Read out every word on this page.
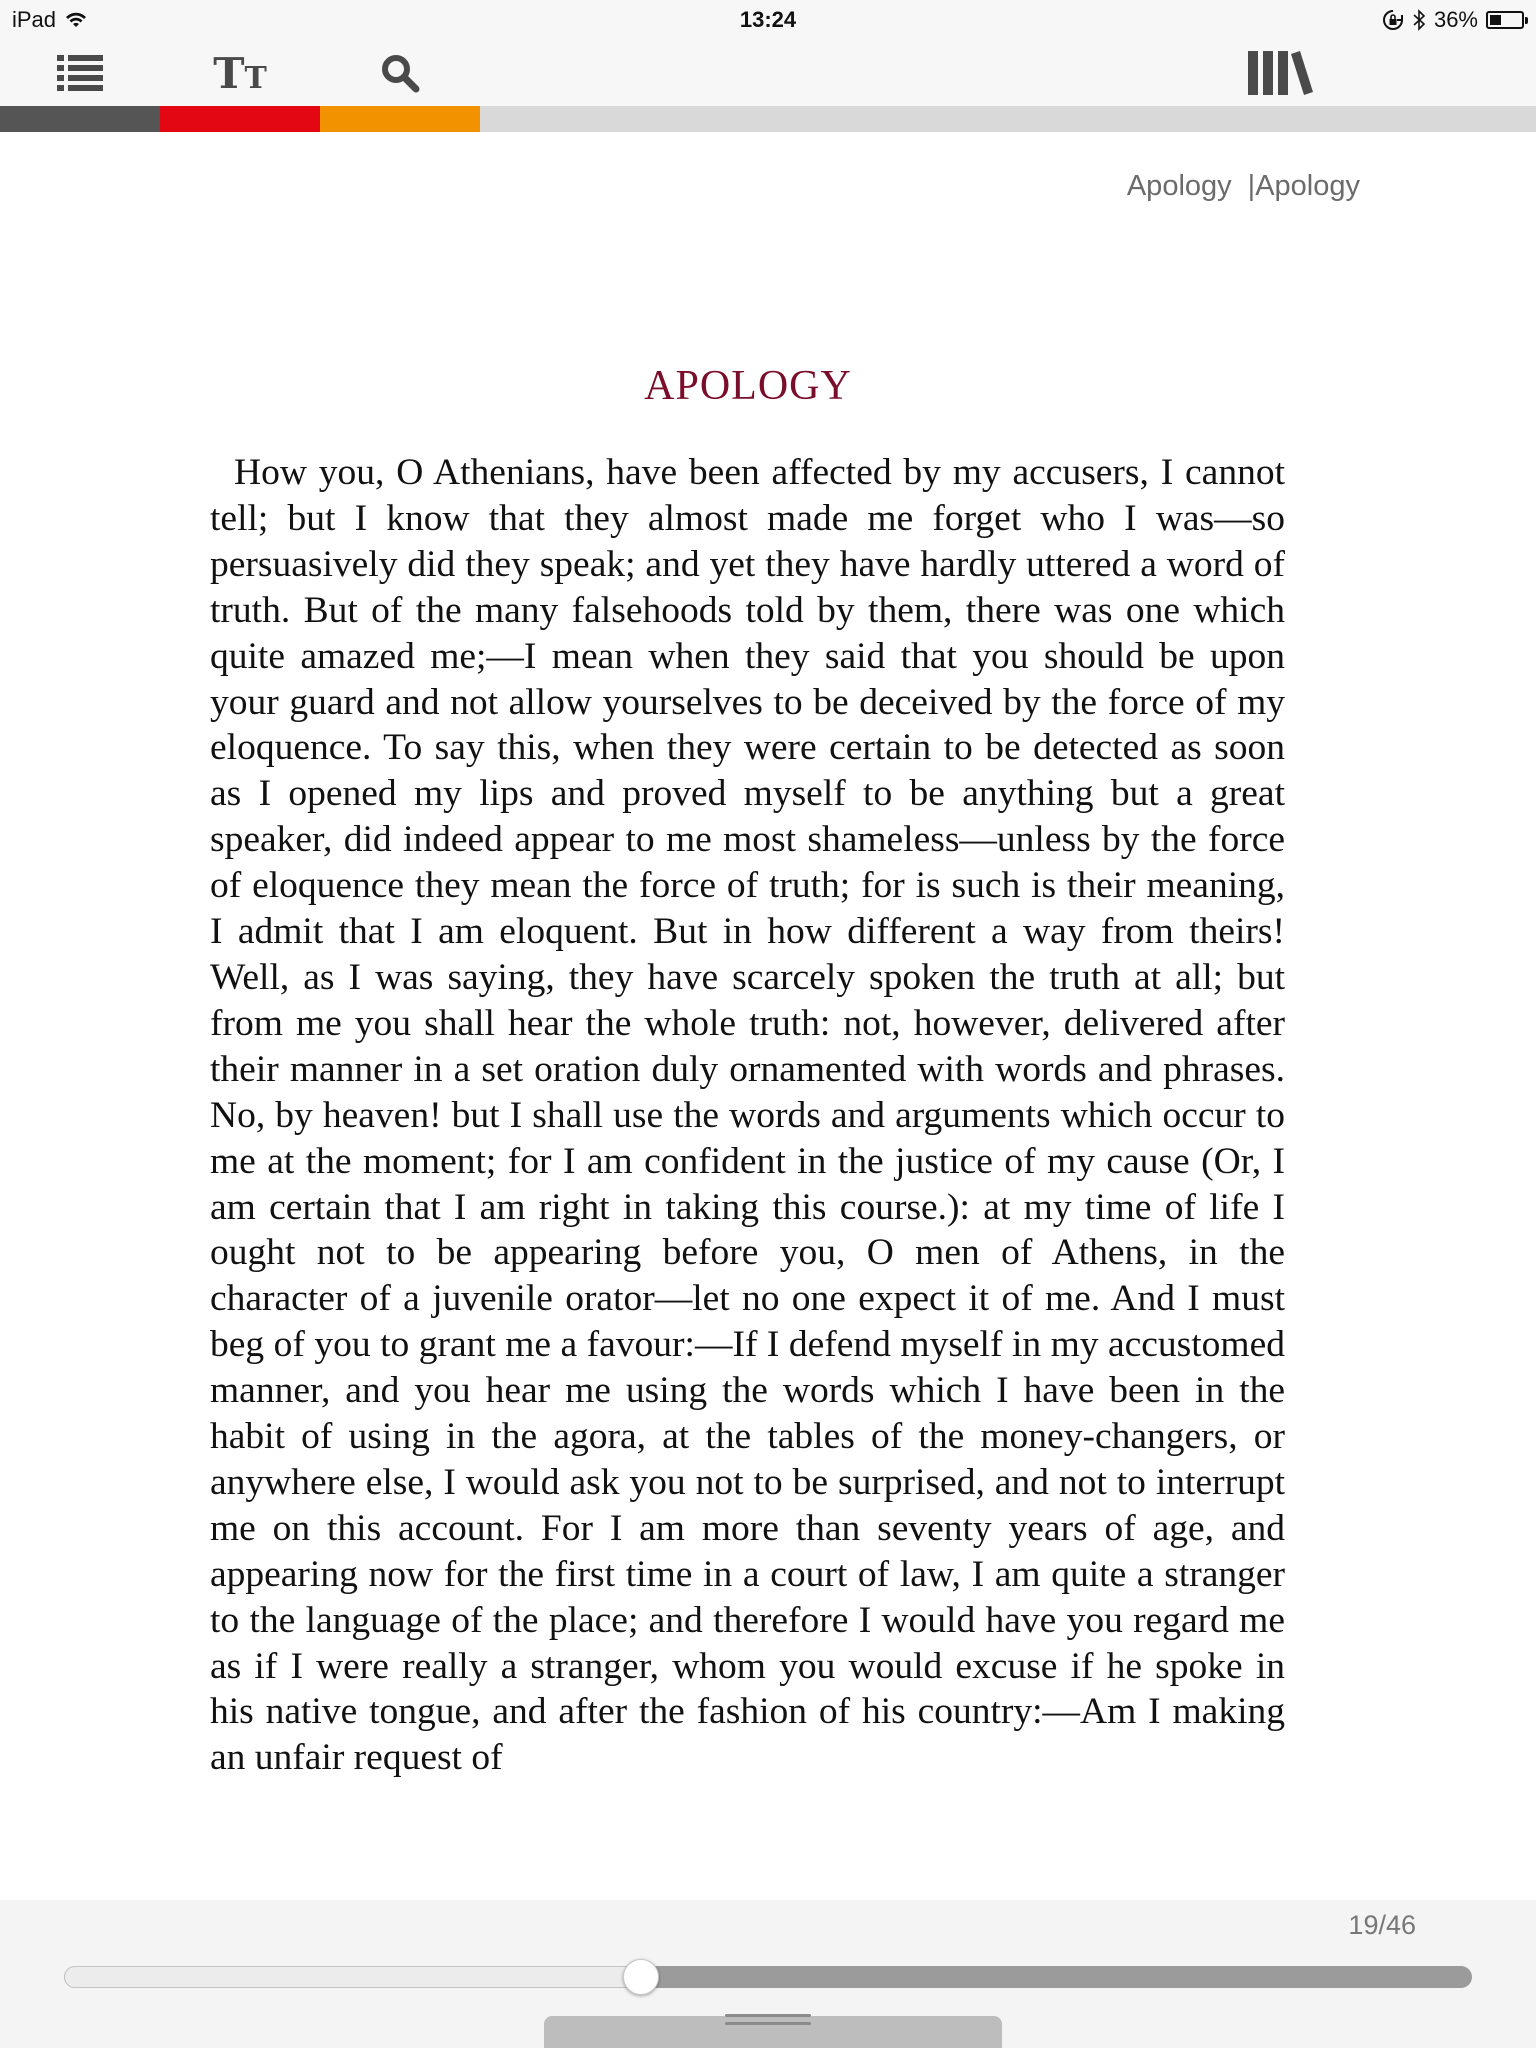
iPad	13:24	36%
TT
Apology |Apology
APOLOGY

How you, O Athenians, have been affected by my accusers, I cannot tell; but I know that they almost made me forget who I was—so persuasively did they speak; and yet they have hardly uttered a word of truth. But of the many falsehoods told by them, there was one which quite amazed me;—I mean when they said that you should be upon your guard and not allow yourselves to be deceived by the force of my eloquence. To say this, when they were certain to be detected as soon as I opened my lips and proved myself to be anything but a great speaker, did indeed appear to me most shameless—unless by the force of eloquence they mean the force of truth; for is such is their meaning, I admit that I am eloquent. But in how different a way from theirs! Well, as I was saying, they have scarcely spoken the truth at all; but from me you shall hear the whole truth: not, however, delivered after their manner in a set oration duly ornamented with words and phrases. No, by heaven! but I shall use the words and arguments which occur to me at the moment; for I am confident in the justice of my cause (Or, I am certain that I am right in taking this course.): at my time of life I ought not to be appearing before you, O men of Athens, in the character of a juvenile orator—let no one expect it of me. And I must beg of you to grant me a favour:—If I defend myself in my accustomed manner, and you hear me using the words which I have been in the habit of using in the agora, at the tables of the money-changers, or anywhere else, I would ask you not to be surprised, and not to interrupt me on this account. For I am more than seventy years of age, and appearing now for the first time in a court of law, I am quite a stranger to the language of the place; and therefore I would have you regard me as if I were really a stranger, whom you would excuse if he spoke in his native tongue, and after the fashion of his country:—Am I making an unfair request of

19/46
